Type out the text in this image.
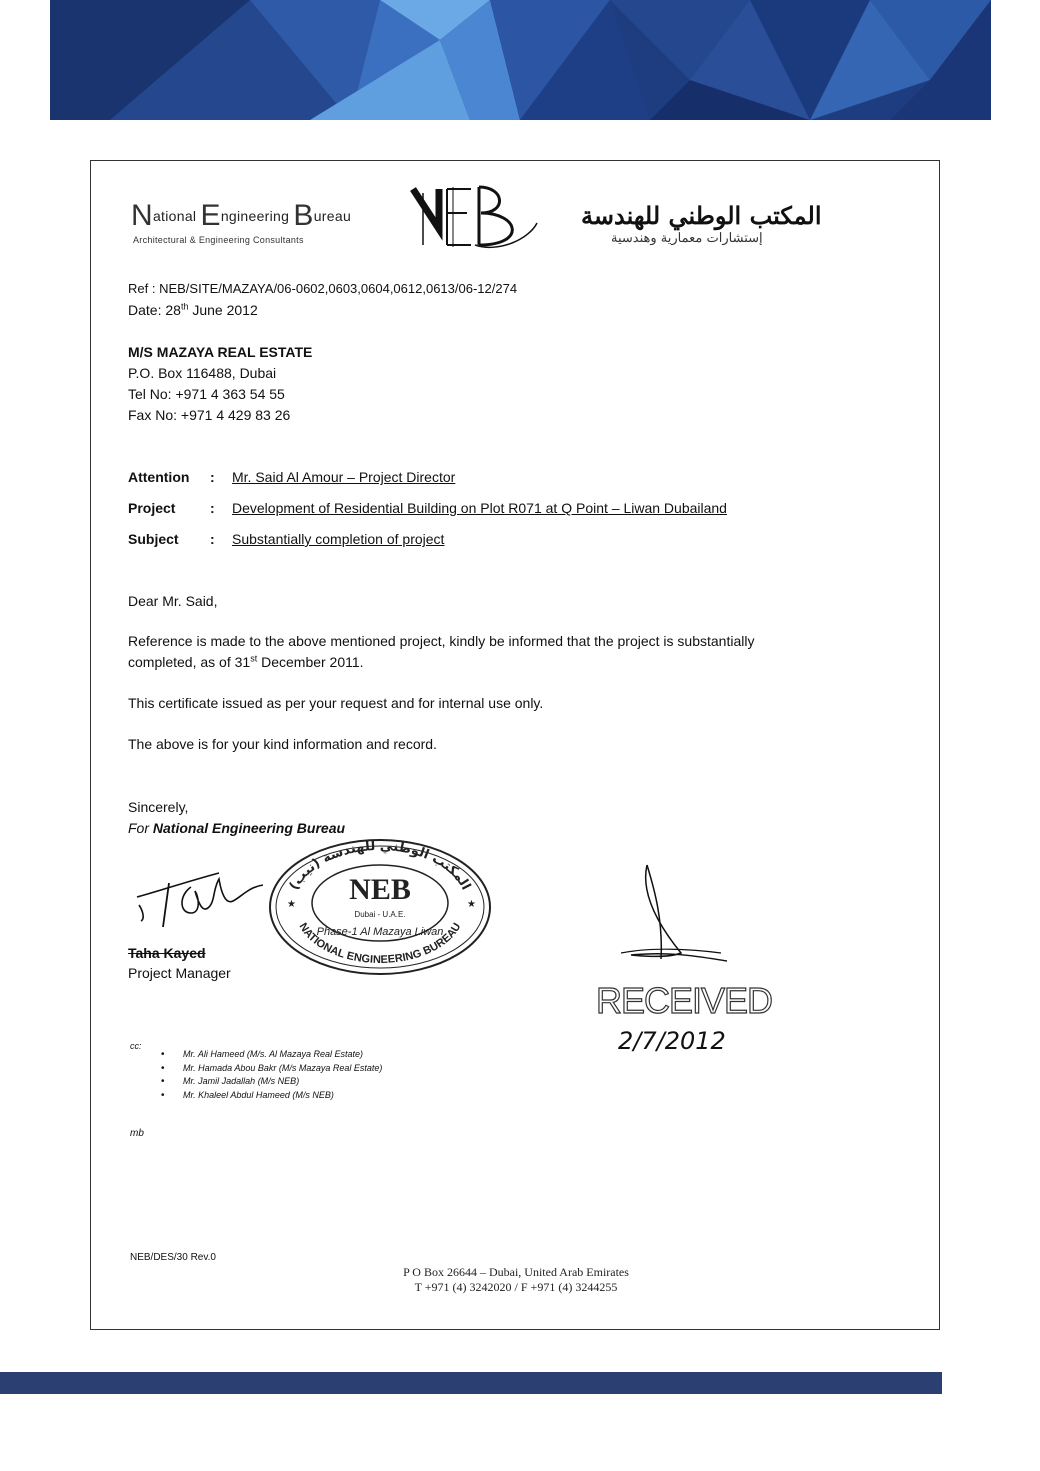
National Engineering Bureau
Architectural & Engineering Consultants
المكتب الوطني للهندسة
إستشارات معمارية وهندسية
Ref : NEB/SITE/MAZAYA/06-0602,0603,0604,0612,0613/06-12/274
Date: 28th June 2012
M/S MAZAYA REAL ESTATE
P.O. Box 116488, Dubai
Tel No: +971 4 363 54 55
Fax No: +971 4 429 83 26
Attention : Mr. Said Al Amour – Project Director
Project : Development of Residential Building on Plot R071 at Q Point – Liwan Dubailand
Subject : Substantially completion of project
Dear Mr. Said,
Reference is made to the above mentioned project, kindly be informed that the project is substantially
completed, as of 31st December 2011.
This certificate issued as per your request and for internal use only.
The above is for your kind information and record.
Sincerely,
For National Engineering Bureau
Taha Kayed
Project Manager
المكتب الوطني للهندسة (نيب)
NEB
Dubai - U.A.E.
Phase-1 Al Mazaya Liwan
NATIONAL ENGINEERING BUREAU
★	★
RECEIVED
2/7/2012
cc:
• Mr. Ali Hameed (M/s. Al Mazaya Real Estate)
• Mr. Hamada Abou Bakr (M/s Mazaya Real Estate)
• Mr. Jamil Jadallah (M/s NEB)
• Mr. Khaleel Abdul Hameed (M/s NEB)
mb
NEB/DES/30 Rev.0
P O Box 26644 – Dubai, United Arab Emirates
T +971 (4) 3242020 / F +971 (4) 3244255
